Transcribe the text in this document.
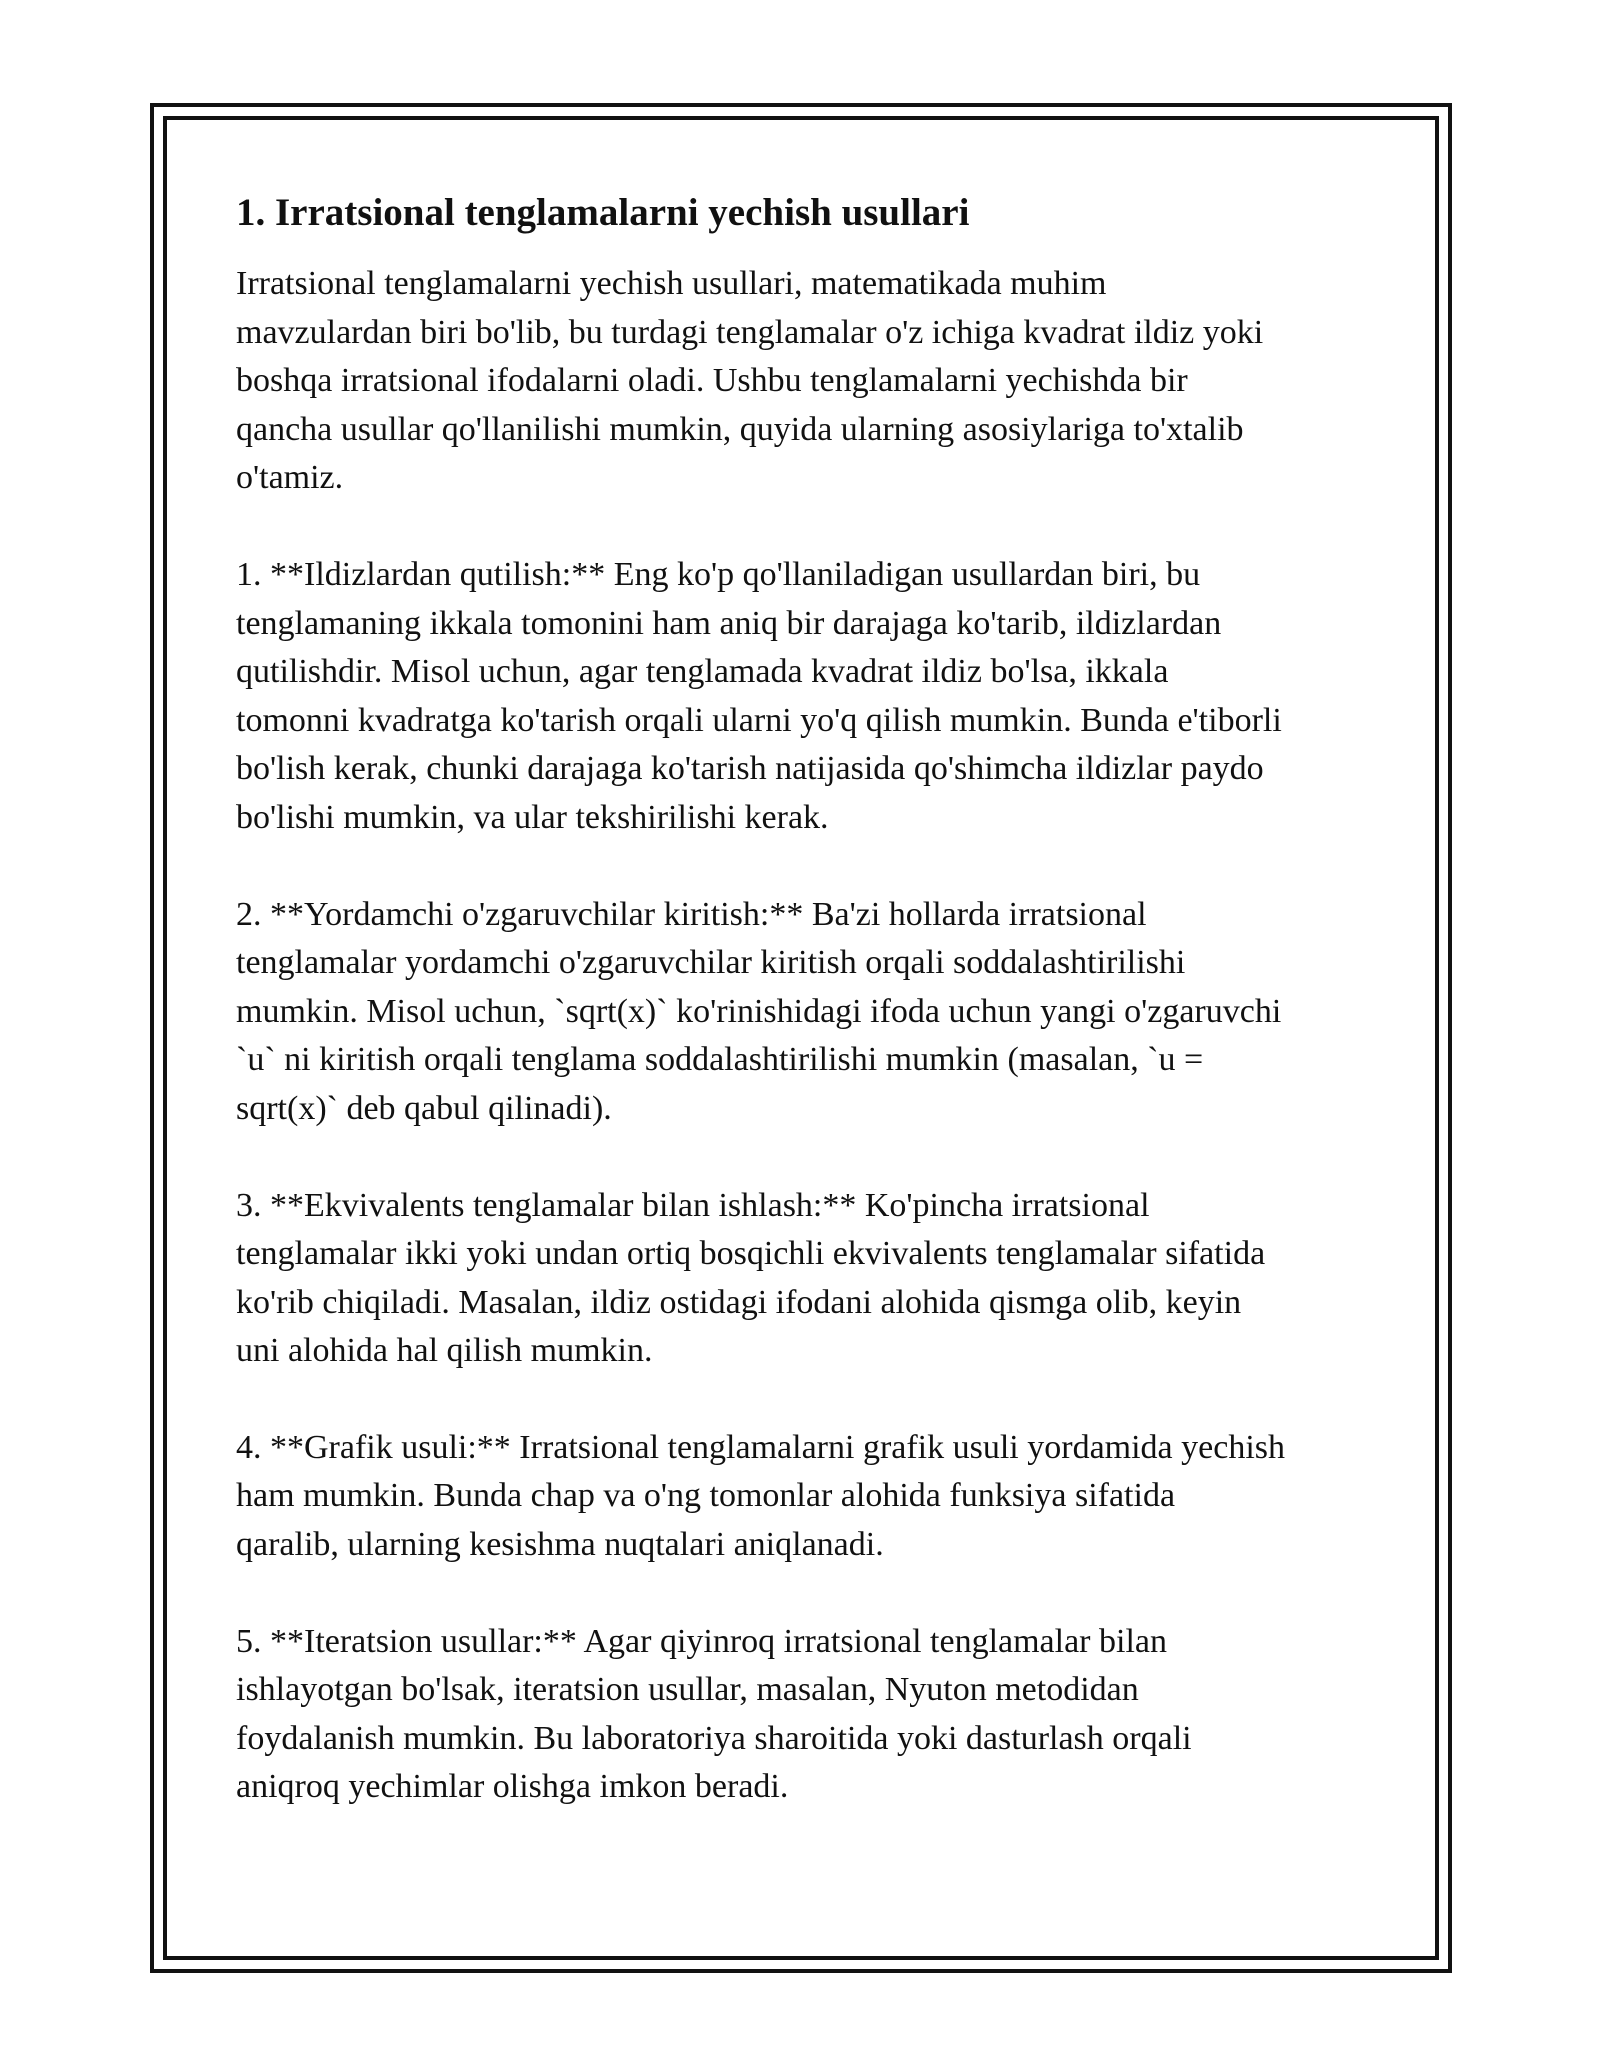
1. Irratsional tenglamalarni yechish usullari

Irratsional tenglamalarni yechish usullari, matematikada muhim
mavzulardan biri bo'lib, bu turdagi tenglamalar o'z ichiga kvadrat ildiz yoki
boshqa irratsional ifodalarni oladi. Ushbu tenglamalarni yechishda bir
qancha usullar qo'llanilishi mumkin, quyida ularning asosiylariga to'xtalib
o'tamiz.

1. **Ildizlardan qutilish:** Eng ko'p qo'llaniladigan usullardan biri, bu
tenglamaning ikkala tomonini ham aniq bir darajaga ko'tarib, ildizlardan
qutilishdir. Misol uchun, agar tenglamada kvadrat ildiz bo'lsa, ikkala
tomonni kvadratga ko'tarish orqali ularni yo'q qilish mumkin. Bunda e'tiborli
bo'lish kerak, chunki darajaga ko'tarish natijasida qo'shimcha ildizlar paydo
bo'lishi mumkin, va ular tekshirilishi kerak.

2. **Yordamchi o'zgaruvchilar kiritish:** Ba'zi hollarda irratsional
tenglamalar yordamchi o'zgaruvchilar kiritish orqali soddalashtirilishi
mumkin. Misol uchun, `sqrt(x)` ko'rinishidagi ifoda uchun yangi o'zgaruvchi
`u` ni kiritish orqali tenglama soddalashtirilishi mumkin (masalan, `u =
sqrt(x)` deb qabul qilinadi).

3. **Ekvivalents tenglamalar bilan ishlash:** Ko'pincha irratsional
tenglamalar ikki yoki undan ortiq bosqichli ekvivalents tenglamalar sifatida
ko'rib chiqiladi. Masalan, ildiz ostidagi ifodani alohida qismga olib, keyin
uni alohida hal qilish mumkin.

4. **Grafik usuli:** Irratsional tenglamalarni grafik usuli yordamida yechish
ham mumkin. Bunda chap va o'ng tomonlar alohida funksiya sifatida
qaralib, ularning kesishma nuqtalari aniqlanadi.

5. **Iteratsion usullar:** Agar qiyinroq irratsional tenglamalar bilan
ishlayotgan bo'lsak, iteratsion usullar, masalan, Nyuton metodidan
foydalanish mumkin. Bu laboratoriya sharoitida yoki dasturlash orqali
aniqroq yechimlar olishga imkon beradi.
